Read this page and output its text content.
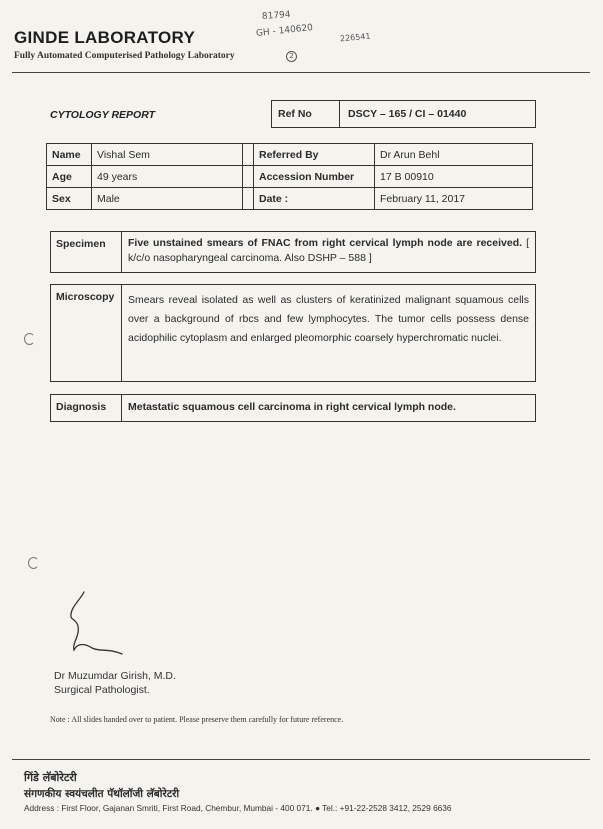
GINDE LABORATORY
Fully Automated Computerised Pathology Laboratory
81794
GH - 140620	226541
2
CYTOLOGY REPORT	Ref No	DSCY – 165 / CI – 01440
Name	Vishal Sem		Referred By	Dr Arun Behl
Age	49 years		Accession Number	17 B 00910
Sex	Male		Date :	February 11, 2017
Specimen	Five unstained smears of FNAC from right cervical lymph node are received. [ k/c/o nasopharyngeal carcinoma. Also DSHP – 588 ]
Microscopy	Smears reveal isolated as well as clusters of keratinized malignant squamous cells over a background of rbcs and few lymphocytes. The tumor cells possess dense acidophilic cytoplasm and enlarged pleomorphic coarsely hyperchromatic nuclei.
Diagnosis	Metastatic squamous cell carcinoma in right cervical lymph node.
Dr Muzumdar Girish, M.D.
Surgical Pathologist.
Note : All slides handed over to patient. Please preserve them carefully for future reference.
गिंडे लॅबोरेटरी
संगणकीय स्वयंचलीत पॅथॉलॉजी लॅबोरेटरी
Address : First Floor, Gajanan Smriti, First Road, Chembur, Mumbai - 400 071. ● Tel.: +91-22-2528 3412, 2529 6636
